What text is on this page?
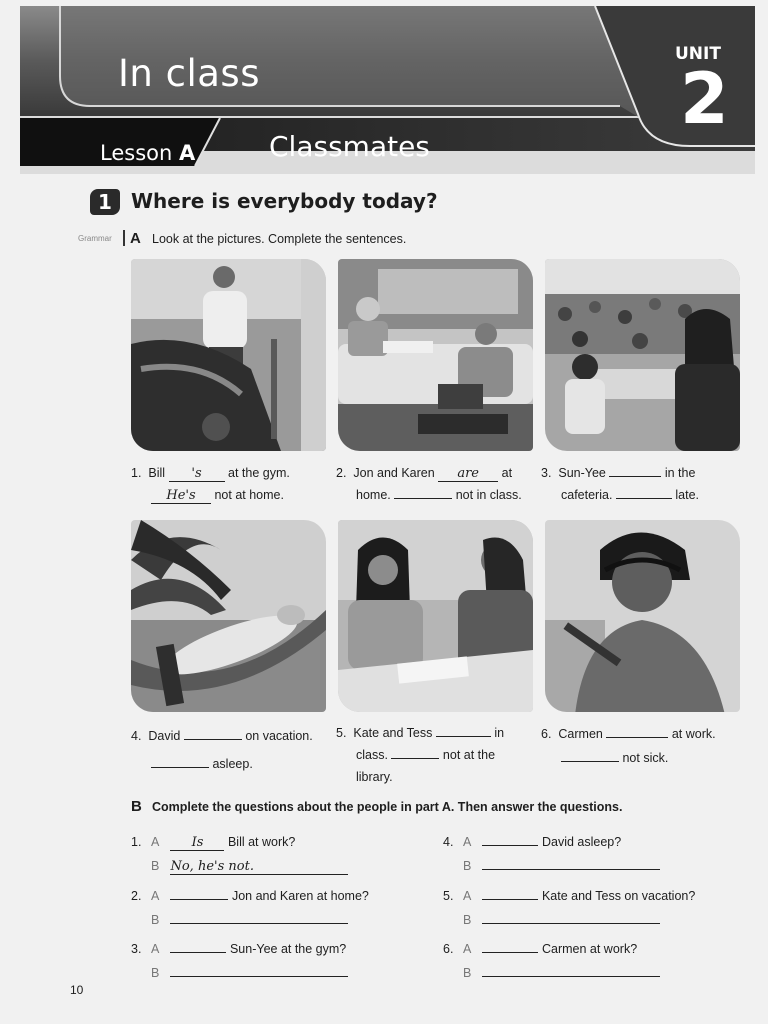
In class	UNIT
2
Lesson A	Classmates
1 Where is everybody today?
Grammar A Look at the pictures. Complete the sentences.
1. Bill 's at the gym.
He's not at home.
2. Jon and Karen are at
home.	not in class.
3. Sun-Yee	in the
cafeteria.	late.
4. David	on vacation.
asleep.
5. Kate and Tess	in
class.	not at the
library.
6. Carmen	at work.
not sick.
B Complete the questions about the people in part A. Then answer the questions.
1. A Is Bill at work?
B No, he's not.
2. A	Jon and Karen at home?
B
3. A	Sun-Yee at the gym?
B
4. A	David asleep?
B
5. A	Kate and Tess on vacation?
B
6. A	Carmen at work?
B
10
